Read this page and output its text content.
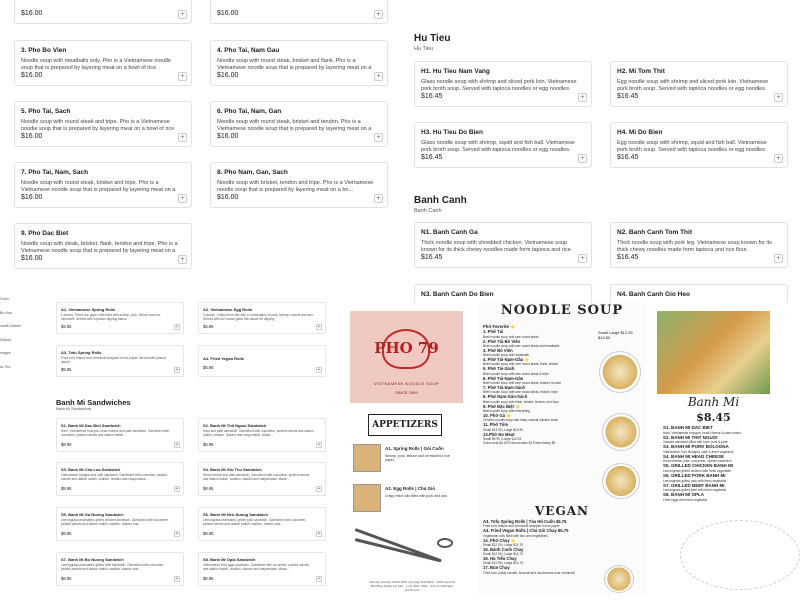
$16.00	+	$16.00	+
3. Pho Bo Vien
Noodle soup with meatballs only. Pho is a Vietnamese noodle soup that is prepared by layering meat on a bowl of rice
$16.00	+
4. Pho Tai, Nam Gau
Noodle soup with round steak, brisket and flank. Pho is a Vietnamese noodle soup that is prepared by layering meat on a
$16.00	+
5. Pho Tai, Sach
Noodle soup with round steak and tripe. Pho is a Vietnamese noodle soup that is prepared by layering meat on a bowl of rice
$16.00	+
6. Pho Tai, Nam, Gan
Noodle soup with round steak, brisket and tendon. Pho is a Vietnamese noodle soup that is prepared by layering meat on a
$16.00	+
7. Pho Tai, Nam, Sach
Noodle soup with round steak, brisket and tripe. Pho is a Vietnamese noodle soup that is prepared by layering meat on a
$16.00	+
8. Pho Nam, Gan, Sach
Noodle soup with brisket, tendon and tripe. Pho is a Vietnamese noodle soup that is prepared by layering meat on a bo...
$16.00	+
9. Pho Dac Biet
Noodle soup with steak, brisket, flank, tendon and tripe. Pho is a Vietnamese noodle soup that is prepared by layering meat on a
$16.00	+
Hu Tieu
Hu Tieu
H1. Hu Tieu Nam Vang
Glass noodle soup with shrimp and sliced pork loin. Vietnamese pork broth soup. Served with tapioca noodles or egg noodles.
$16.45	+
H2. Mi Tom Thit
Egg noodle soup with shrimp and sliced pork loin. Vietnamese pork broth soup. Served with tapioca noodles or egg noodles.
$16.45	+
H3. Hu Tieu Do Bien
Glass noodle soup with shrimp, squid and fish ball. Vietnamese pork broth soup. Served with tapioca noodles or egg noodles.
$16.45	+
H4. Mi Do Bien
Egg noodle soup with shrimp, squid and fish ball. Vietnamese pork broth soup. Served with tapioca noodles or egg noodles.
$16.45	+
Banh Canh
Banh Canh
N1. Banh Canh Ga
Thick noodle soup with shredded chicken. Vietnamese soup known for its thick chewy noodles made form tapioca and rice
$16.45	+
N2. Banh Canh Tom Thit
Thick noodle soup with pork leg. Vietnamese soup known for its thick chewy noodles made form tapioca and rice flour.
$16.45	+
N3. Banh Canh Do Bien	N4. Banh Canh Gio Heo
Canh
Bo Hue
nicelli Dishes
Dishes
mages
ss Tea
A1. Vietnamese Spring Rolls
2 pieces. Fresh rice paper rolls filled with shrimp, pork, lettuce and rice vermicelli. Served with a peanut dipping sauce.
$5.95	+
A2. Vietnamese Egg Rolls
2 pieces. Crispy fried rolls with a combination of pork, shrimp, carrots and taro. Served with our house garlic fish sauce for dipping.
$5.95	+
A3. Tofu Spring Rolls
Fried tofu, lettuce and vermicelli wrapped in rice paper, served with peanut sauce.
$5.95	+
A4. Fried Vegan Rolls
$5.95	+
Banh Mi Sandwiches
Banh Mi Sandwiches
S1. Banh Mi Dac Biet Sandwich
Ham, Vietnamese bologna, head cheese and pate sandwich. Garnished with cucumber, pickled carrots and daikon radish,...
$8.95	+
S2. Banh Mi Thit Nguoi Sandwich
Ham and pate sandwich. Garnished with cucumber, pickled carrots and daikon radish, scallion, cilantro and mayonnaise. Made...
$8.95	+
S3. Banh Mi Cha Lua Sandwich
Vietnamese bologna and pate sandwich. Garnished with cucumber, pickled carrots and daikon radish, scallion, cilantro and mayonnaise...
$8.95	+
S4. Banh Mi Gio Thu Sandwich
Head cheese and pate sandwich. Garnished with cucumber, pickled carrots and daikon radish, scallion, cilantro and mayonnaise. Made...
$8.95	+
S5. Banh Mi Ga Nuong Sandwich
Lemongrass-marinated, grilled chicken sandwich. Garnished with cucumber, pickled carrots and daikon radish, scallion, cilantro and...
$8.95	+
S6. Banh Mi Heo Nuong Sandwich
Lemongrass-marinated, grilled pork sandwich. Garnished with cucumber, pickled carrots and daikon radish, scallion, cilantro and...
$8.95	+
S7. Banh Mi Bo Nuong Sandwich
Lemongrass-marinated, grilled beef sandwich. Garnished with cucumber, pickled carrots and daikon radish, scallion, cilantro and...
$8.95	+
S8. Banh Mi Opla Sandwich
Vietnamese fried eggs sandwich. Garnished with cucumber, pickled carrots and daikon radish, scallion, cilantro and mayonnaise. Made...
$8.95	+
PHO 79
VIETNAMESE NOODLE SOUP
SINCE 1999
APPETIZERS
A1. Spring Rolls | Gỏi Cuốn
Shrimp, pork, lettuce and vermicelli in rice paper.
A2. Egg Rolls | Chả Giò
Crispy fried rolls filled with pork and taro.
Monday-Sunday 10AM-9PM | Sunday 9AM-9PM · 3000 Imperial Blvd Blue Ridge Lot 43C · 1 (2) 2021 (783) · (2)Cod | Website: pho79.com
NOODLE SOUP
Small Large $12.95 $14.50
Phở Favorite ⭐
1. Phở Tái
Beef noodle soup with rare round steak
2. Phở Tái-Bò Viên
Beef noodle soup with rare round steak and meatballs
3. Phở Bò Viên
Beef noodle soup with meatballs
4. Phở Tái-Nạm-Gầu ⭐
Beef noodle soup with rare round steak, flank, brisket
5. Phở Tái-Sách
Beef noodle soup with rare round steak & tripe
6. Phở Tái-Nạm-Gân
Beef noodle soup with rare round steak, brisket, tendon
7. Phở Tái-Nạm-Sách
Beef noodle soup with rare round steak, brisket, tripe
8. Phở Nạm-Gân-Sách
Beef noodle soup with flank, brisket, tendon, and tripe
9. Phở Đặc Biệt ⭐
Beef noodle soup with everything
10. Phở Gà ⭐
Chicken noodle soup with tasty, natural chicken broth
11. Phở Tôm
Small $13.95 | Large $15.50
13.Phở No Meat
Small $9.95 | Large $10.25
Extra meat $4.25 Extra noodles $3 Extra shrimp $5
VEGAN
A3. Tofu Spring Rolls | Tàu Hũ Cuốn $5.75
Fried tofu, lettuce and vermicelli wrapped in rice paper
A4. Fried Vegan Rolls | Chả Giò Chay $5.75
Vegetarian rolls filled with taro and vegetables
14. Phở Chay ⭐
Small $12.95 | Large $14.75
15. Bánh Canh Chay
Small $12.95 | Large $14.75
16. Hủ Tiếu Chay
Small $12.95 | Large $14.75
17. Bún Chay
Fried tofu, pickle carrots, broccoli and mushrooms over vermicelli
Banh Mi
$8.45
S1. BANH MI DAC BIET
Ham, Vietnamese bologna, head cheese & pate combo
S2. BANH MI THIT NGUOI
Toasted sandwich filled with ham, pork & pate
S3. BANH MI PORK BOLOGNA
Vietnamese Pork Bologna, pate & fresh vegetable
S4. BANH MI HEAD CHEESE
Head cheese, pate, cucumber, cilantro sandwich
S5. GRILLED CHICKEN BANH MI
Lemongrass grilled chicken with fresh vegetable
S6. GRILLED PORK BANH MI
Lemongrass grilled pork with fresh vegetable
S7. GRILLED BEEF BANH MI
Lemongrass grilled beef with fresh vegetable
S8. BANH MI OPLA
Fried eggs with fresh vegetable
